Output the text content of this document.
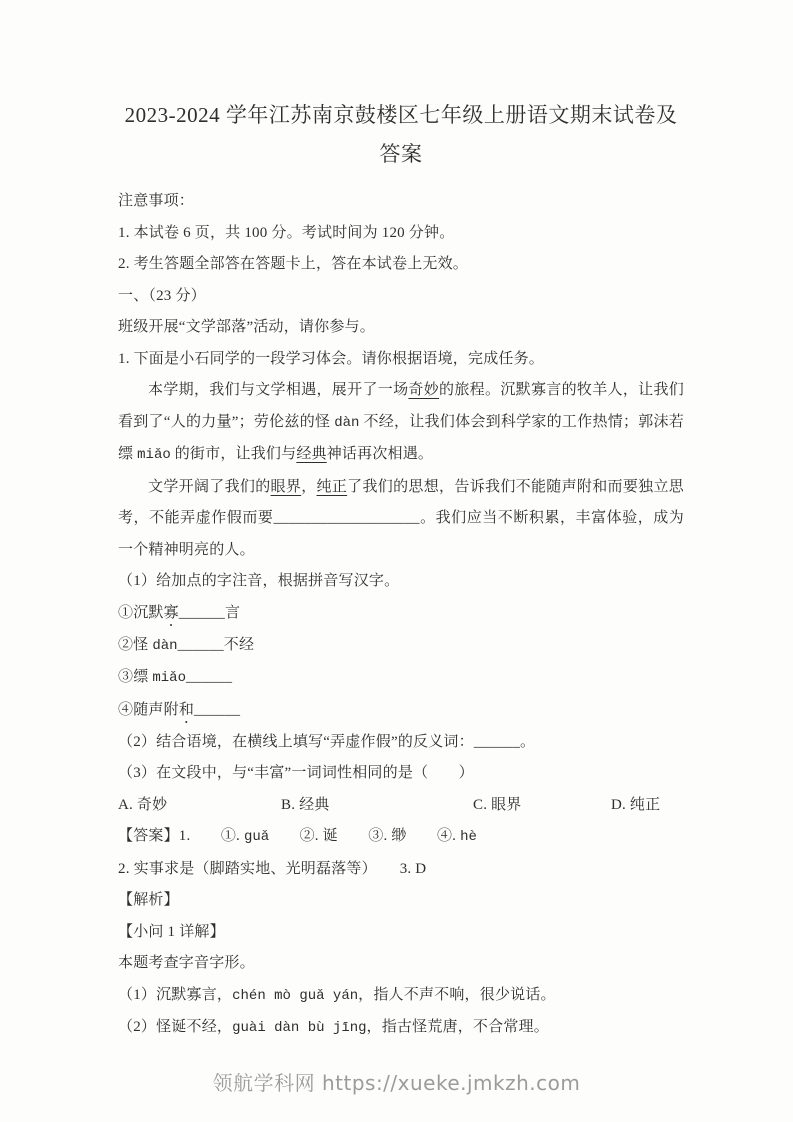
2023-2024 学年江苏南京鼓楼区七年级上册语文期末试卷及
答案
注意事项：
1. 本试卷 6 页，共 100 分。考试时间为 120 分钟。
2. 考生答题全部答在答题卡上，答在本试卷上无效。
一、（23 分）
班级开展“文学部落”活动，请你参与。
1. 下面是小石同学的一段学习体会。请你根据语境，完成任务。
本学期，我们与文学相遇，展开了一场奇妙的旅程。沉默寡言的牧羊人，让我们看到了“人的力量”；劳伦兹的怪 dàn 不经，让我们体会到科学家的工作热情；郭沫若缥 miǎo 的街市，让我们与经典神话再次相遇。
文学开阔了我们的眼界，纯正了我们的思想，告诉我们不能随声附和而要独立思考，不能弄虚作假而要___________________。我们应当不断积累，丰富体验，成为一个精神明亮的人。
（1）给加点的字注音，根据拼音写汉字。
①沉默寡______言
②怪 dàn______不经
③缥 miǎo______
④随声附和______
（2）结合语境，在横线上填写“弄虚作假”的反义词：______。
（3）在文段中，与“丰富”一词词性相同的是（　　）
A. 奇妙	B. 经典	C. 眼界	D. 纯正
【答案】1.　　①. guǎ　　②. 诞　　③. 缈　　④. hè
2. 实事求是（脚踏实地、光明磊落等）　　3. D
【解析】
【小问 1 详解】
本题考查字音字形。
（1）沉默寡言，chén mò guǎ yán，指人不声不响，很少说话。
（2）怪诞不经，guài dàn bù jīng，指古怪荒唐，不合常理。
领航学科网 https://xueke.jmkzh.com
